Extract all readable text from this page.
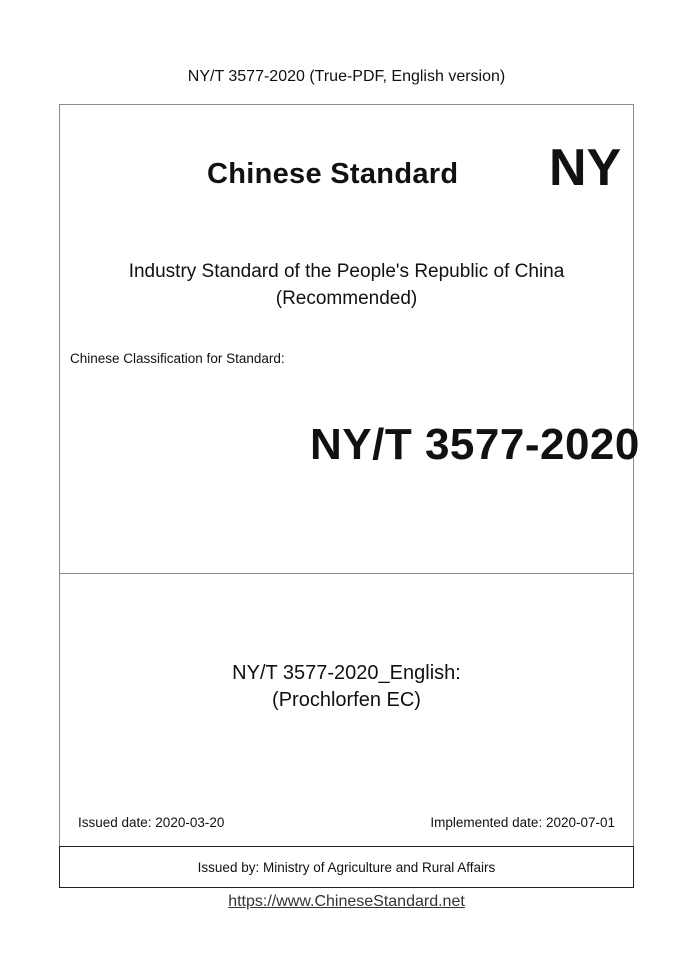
NY/T 3577-2020 (True-PDF, English version)
Issued by: Ministry of Agriculture and Rural Affairs
Chinese Standard NY
Industry Standard of the People's Republic of China
(Recommended)
Chinese Classification for Standard:
NY/T 3577-2020
NY/T 3577-2020_English:
(Prochlorfen EC)
Issued date: 2020-03-20	Implemented date: 2020-07-01
https://www.ChineseStandard.net
